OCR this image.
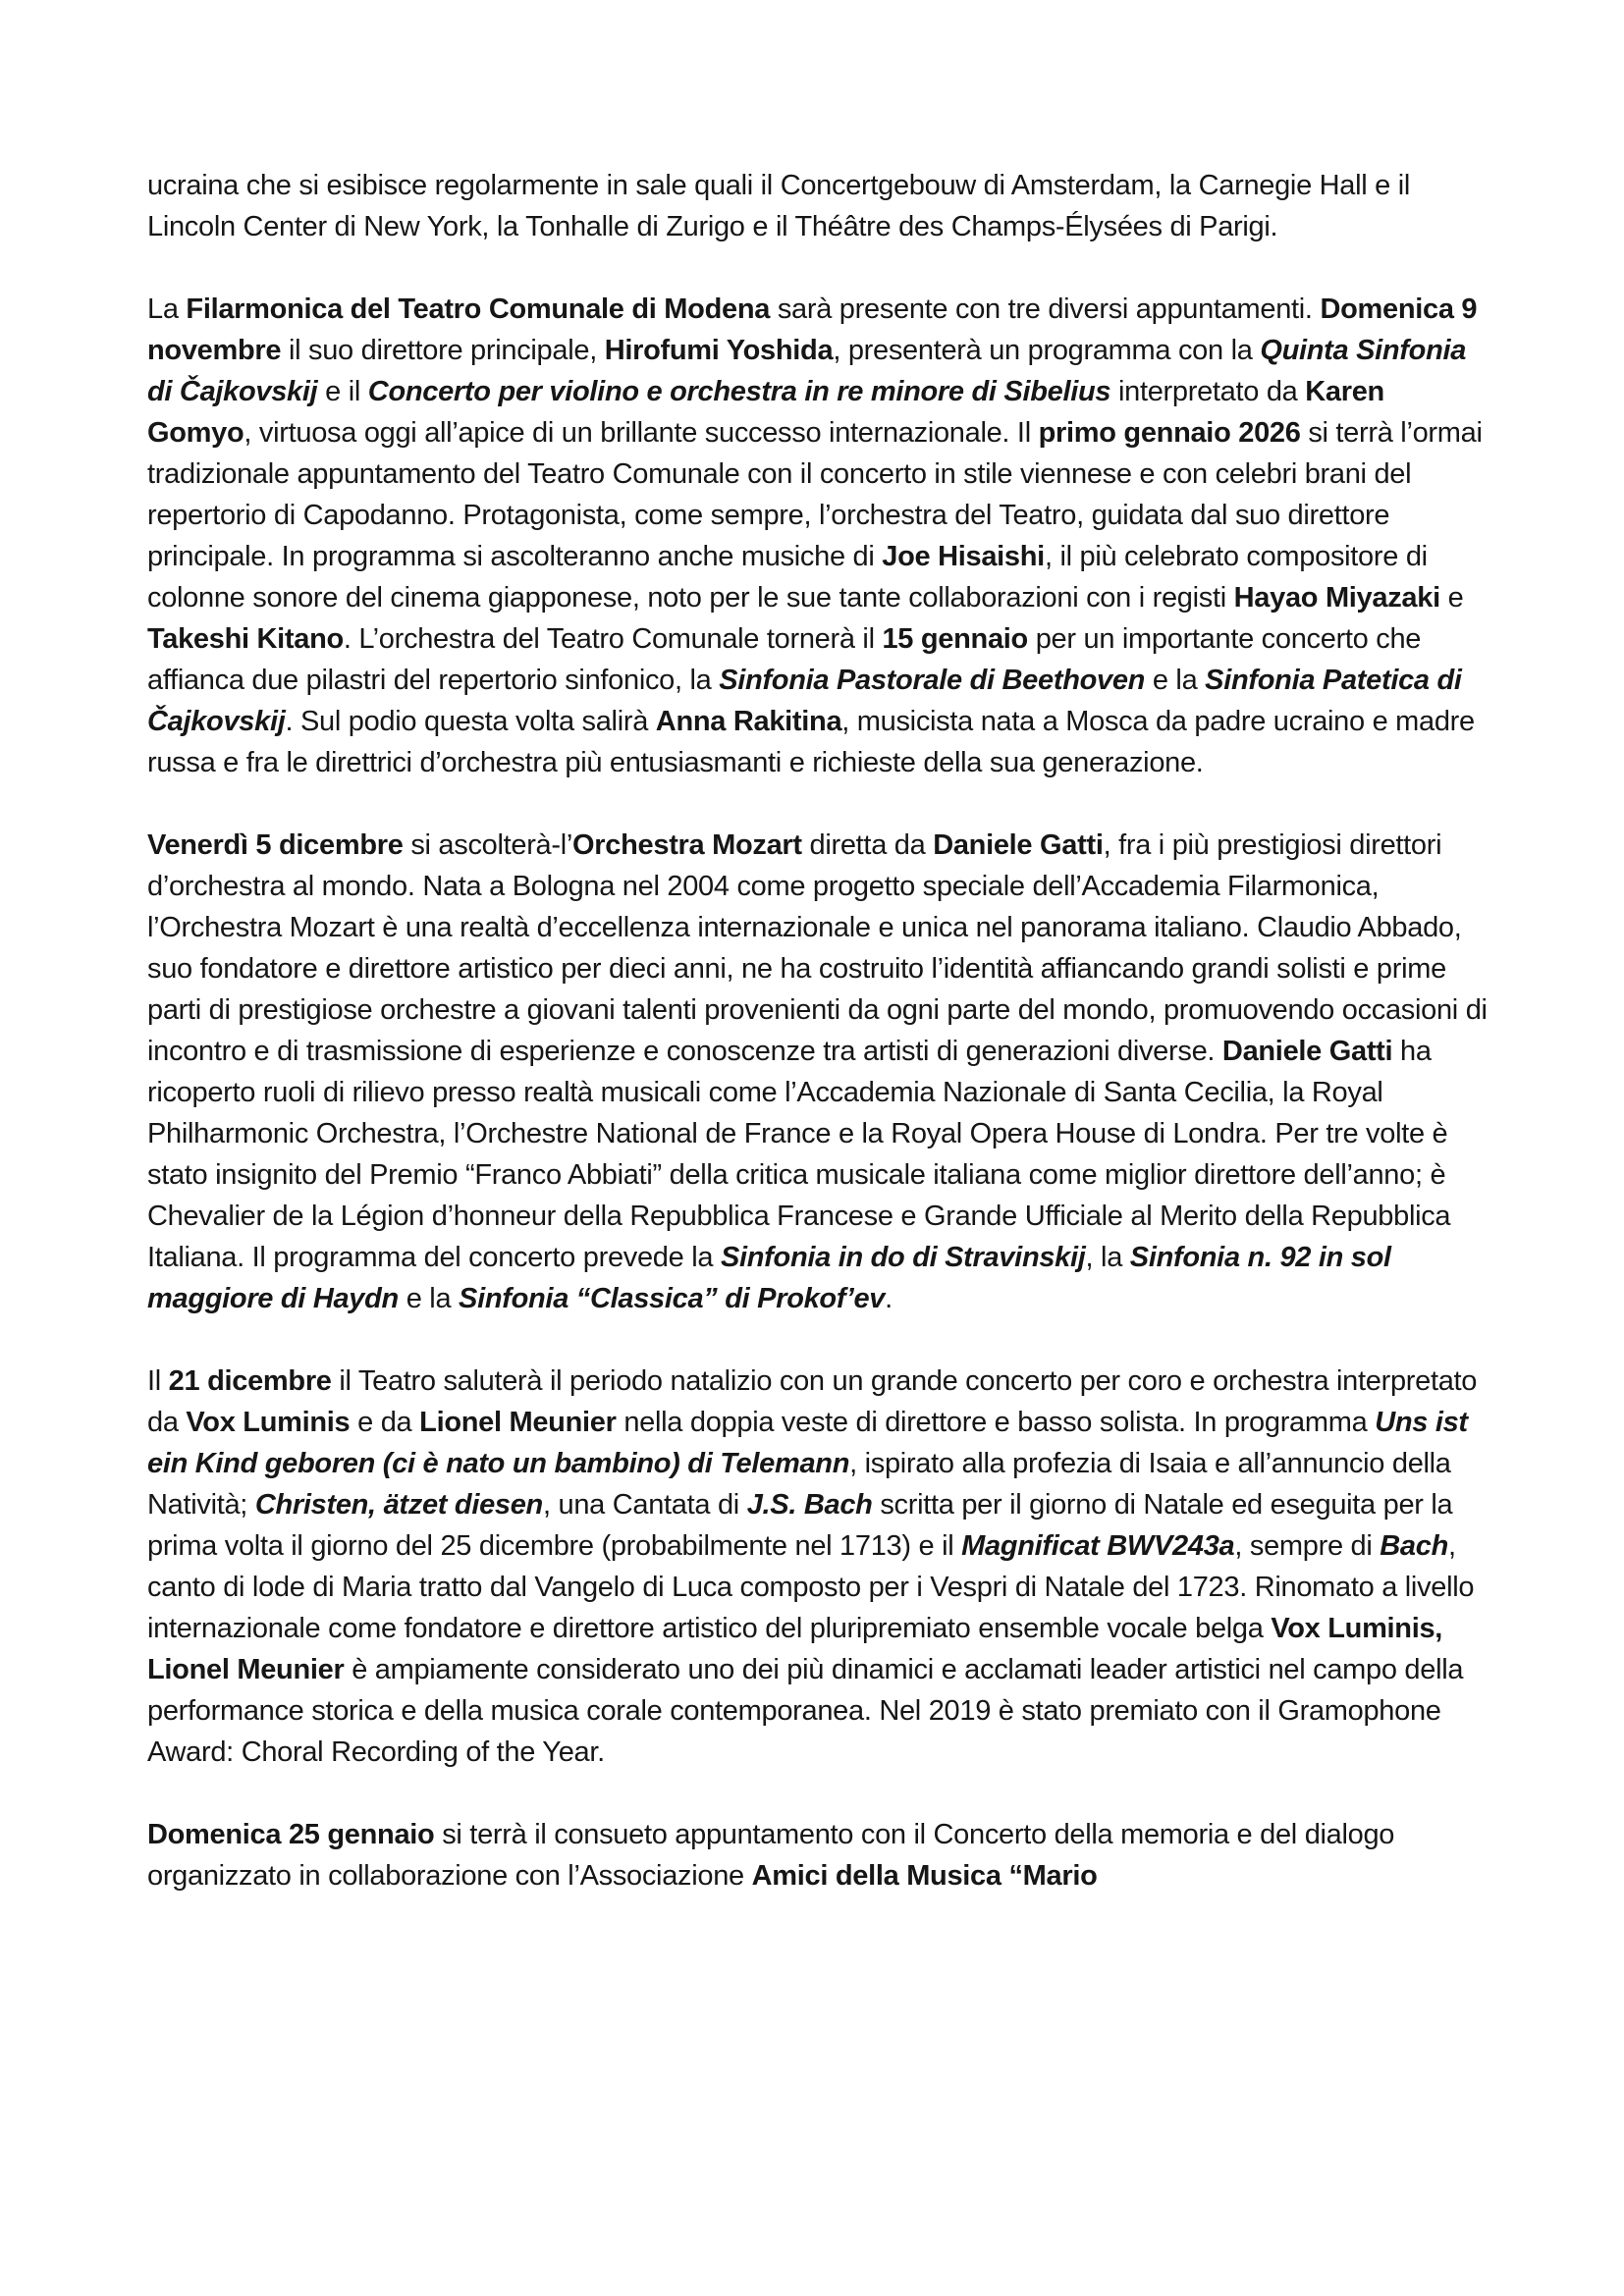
ucraina che si esibisce regolarmente in sale quali il Concertgebouw di Amsterdam, la Carnegie Hall e il Lincoln Center di New York, la Tonhalle di Zurigo e il Théâtre des Champs-Élysées di Parigi.

La Filarmonica del Teatro Comunale di Modena sarà presente con tre diversi appuntamenti. Domenica 9 novembre il suo direttore principale, Hirofumi Yoshida, presenterà un programma con la Quinta Sinfonia di Čajkovskij e il Concerto per violino e orchestra in re minore di Sibelius interpretato da Karen Gomyo, virtuosa oggi all’apice di un brillante successo internazionale. Il primo gennaio 2026 si terrà l’ormai tradizionale appuntamento del Teatro Comunale con il concerto in stile viennese e con celebri brani del repertorio di Capodanno. Protagonista, come sempre, l’orchestra del Teatro, guidata dal suo direttore principale. In programma si ascolteranno anche musiche di Joe Hisaishi, il più celebrato compositore di colonne sonore del cinema giapponese, noto per le sue tante collaborazioni con i registi Hayao Miyazaki e Takeshi Kitano. L’orchestra del Teatro Comunale tornerà il 15 gennaio per un importante concerto che affianca due pilastri del repertorio sinfonico, la Sinfonia Pastorale di Beethoven e la Sinfonia Patetica di Čajkovskij. Sul podio questa volta salirà Anna Rakitina, musicista nata a Mosca da padre ucraino e madre russa e fra le direttrici d’orchestra più entusiasmanti e richieste della sua generazione.

Venerdì 5 dicembre si ascolterà-l’Orchestra Mozart diretta da Daniele Gatti, fra i più prestigiosi direttori d’orchestra al mondo. Nata a Bologna nel 2004 come progetto speciale dell’Accademia Filarmonica, l’Orchestra Mozart è una realtà d’eccellenza internazionale e unica nel panorama italiano. Claudio Abbado, suo fondatore e direttore artistico per dieci anni, ne ha costruito l’identità affiancando grandi solisti e prime parti di prestigiose orchestre a giovani talenti provenienti da ogni parte del mondo, promuovendo occasioni di incontro e di trasmissione di esperienze e conoscenze tra artisti di generazioni diverse. Daniele Gatti ha ricoperto ruoli di rilievo presso realtà musicali come l’Accademia Nazionale di Santa Cecilia, la Royal Philharmonic Orchestra, l’Orchestre National de France e la Royal Opera House di Londra. Per tre volte è stato insignito del Premio “Franco Abbiati” della critica musicale italiana come miglior direttore dell’anno; è Chevalier de la Légion d’honneur della Repubblica Francese e Grande Ufficiale al Merito della Repubblica Italiana. Il programma del concerto prevede la Sinfonia in do di Stravinskij, la Sinfonia n. 92 in sol maggiore di Haydn e la Sinfonia “Classica” di Prokof’ev.

Il 21 dicembre il Teatro saluterà il periodo natalizio con un grande concerto per coro e orchestra interpretato da Vox Luminis e da Lionel Meunier nella doppia veste di direttore e basso solista. In programma Uns ist ein Kind geboren (ci è nato un bambino) di Telemann, ispirato alla profezia di Isaia e all’annuncio della Natività; Christen, ätzet diesen, una Cantata di J.S. Bach scritta per il giorno di Natale ed eseguita per la prima volta il giorno del 25 dicembre (probabilmente nel 1713) e il Magnificat BWV243a, sempre di Bach, canto di lode di Maria tratto dal Vangelo di Luca composto per i Vespri di Natale del 1723. Rinomato a livello internazionale come fondatore e direttore artistico del pluripremiato ensemble vocale belga Vox Luminis, Lionel Meunier è ampiamente considerato uno dei più dinamici e acclamati leader artistici nel campo della performance storica e della musica corale contemporanea. Nel 2019 è stato premiato con il Gramophone Award: Choral Recording of the Year.

Domenica 25 gennaio si terrà il consueto appuntamento con il Concerto della memoria e del dialogo organizzato in collaborazione con l’Associazione Amici della Musica “Mario
